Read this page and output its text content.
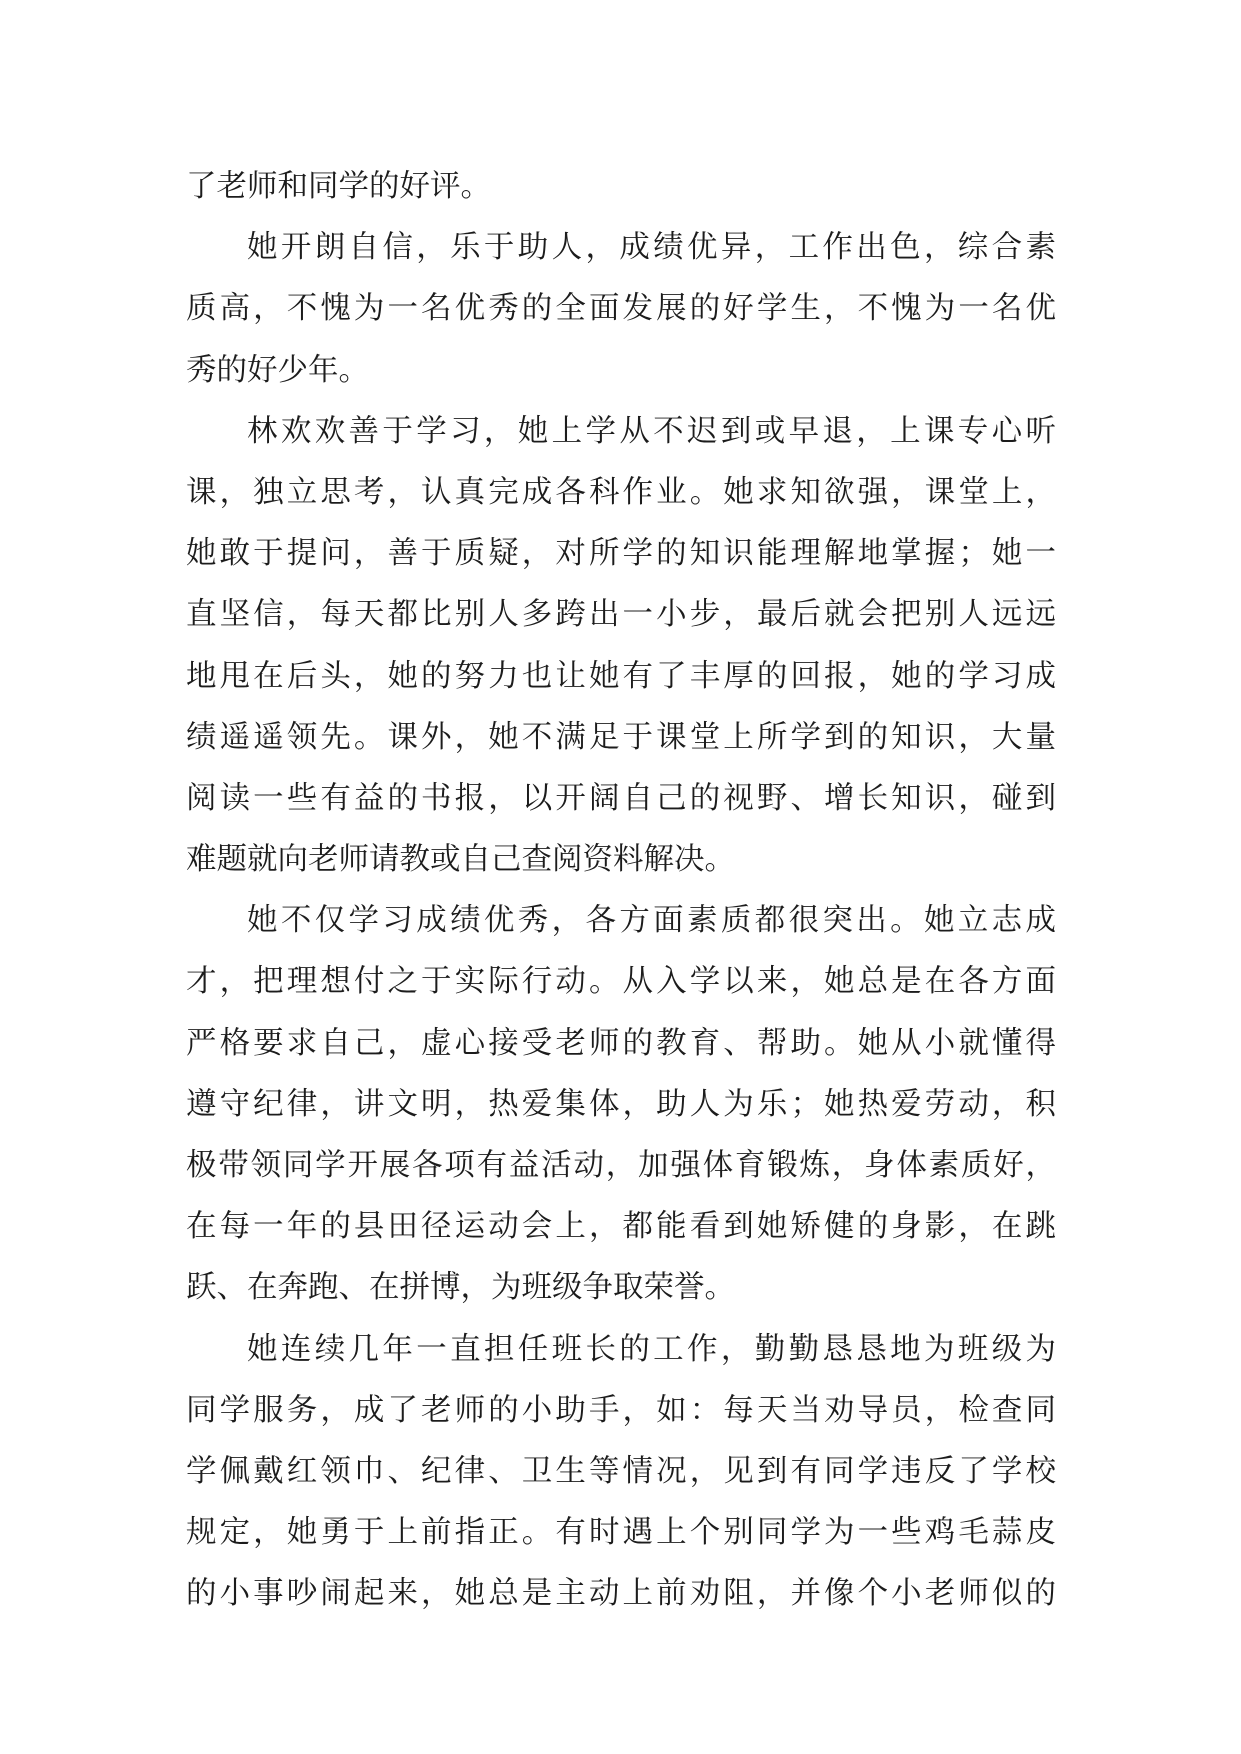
了老师和同学的好评。
她开朗自信，乐于助人，成绩优异，工作出色，综合素
质高，不愧为一名优秀的全面发展的好学生，不愧为一名优
秀的好少年。
林欢欢善于学习，她上学从不迟到或早退，上课专心听
课，独立思考，认真完成各科作业。她求知欲强，课堂上，
她敢于提问，善于质疑，对所学的知识能理解地掌握；她一
直坚信，每天都比别人多跨出一小步，最后就会把别人远远
地甩在后头，她的努力也让她有了丰厚的回报，她的学习成
绩遥遥领先。课外，她不满足于课堂上所学到的知识，大量
阅读一些有益的书报，以开阔自己的视野、增长知识，碰到
难题就向老师请教或自己查阅资料解决。
她不仅学习成绩优秀，各方面素质都很突出。她立志成
才，把理想付之于实际行动。从入学以来，她总是在各方面
严格要求自己，虚心接受老师的教育、帮助。她从小就懂得
遵守纪律，讲文明，热爱集体，助人为乐；她热爱劳动，积
极带领同学开展各项有益活动，加强体育锻炼，身体素质好，
在每一年的县田径运动会上，都能看到她矫健的身影，在跳
跃、在奔跑、在拼博，为班级争取荣誉。
她连续几年一直担任班长的工作，勤勤恳恳地为班级为
同学服务，成了老师的小助手，如：每天当劝导员，检查同
学佩戴红领巾、纪律、卫生等情况，见到有同学违反了学校
规定，她勇于上前指正。有时遇上个别同学为一些鸡毛蒜皮
的小事吵闹起来，她总是主动上前劝阻，并像个小老师似的
